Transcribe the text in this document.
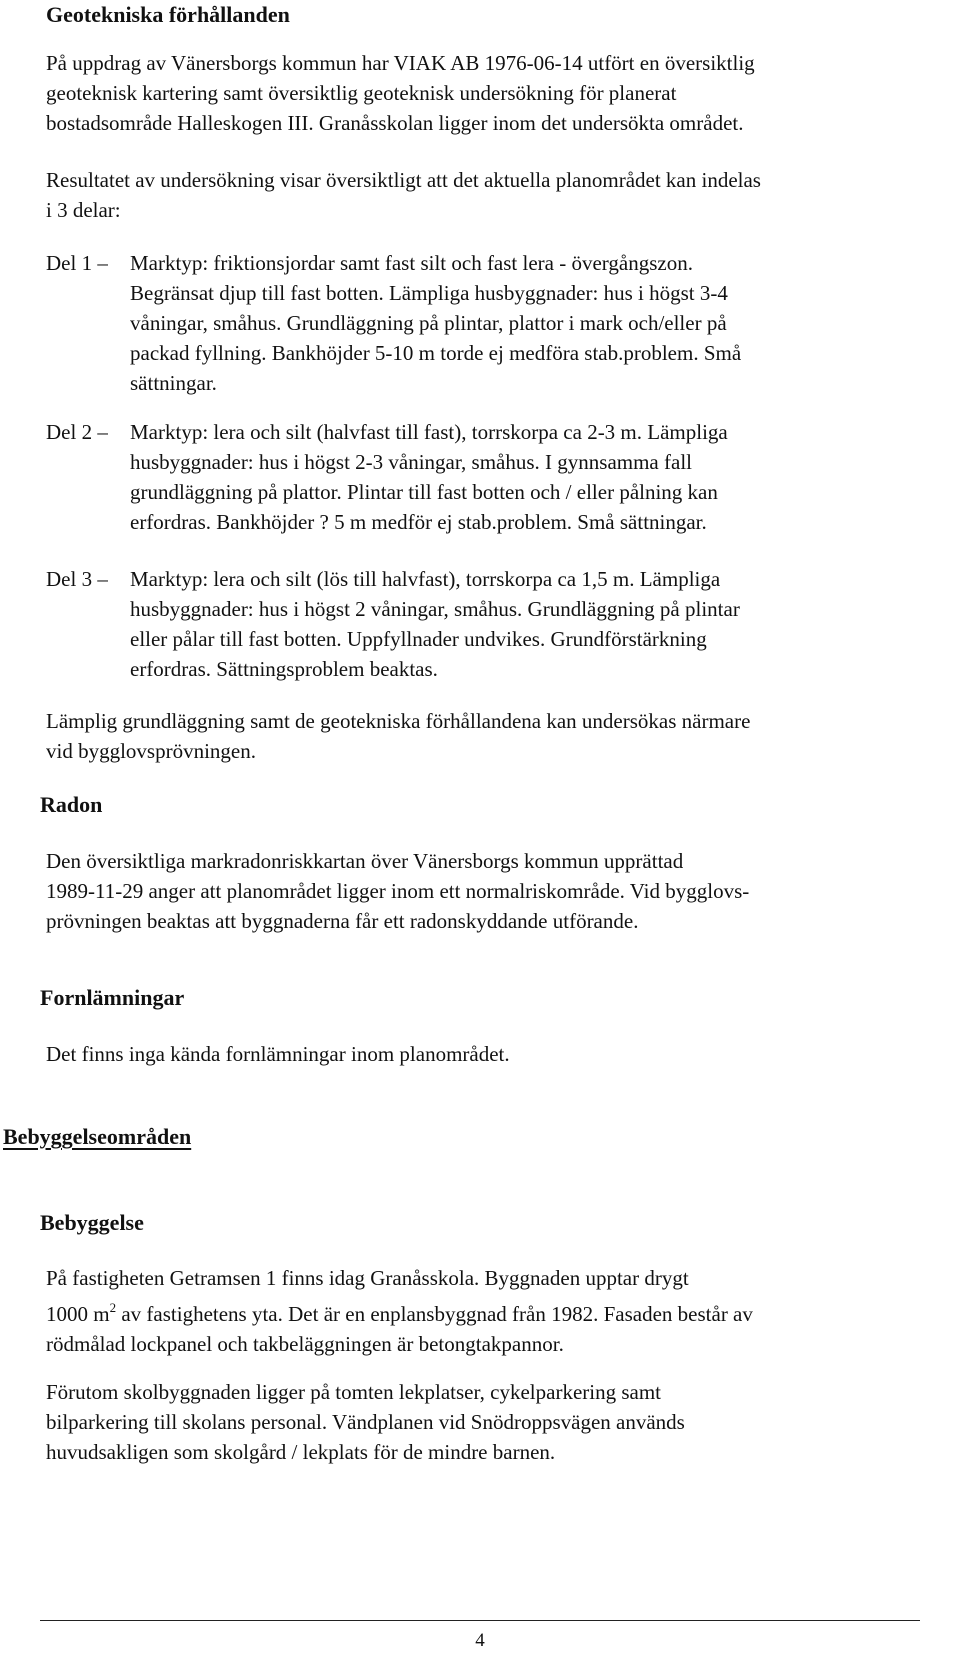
Geotekniska förhållanden
På uppdrag av Vänersborgs kommun har VIAK AB 1976-06-14 utfört en översiktlig
geoteknisk kartering samt översiktlig geoteknisk undersökning för planerat
bostadsområde Halleskogen III. Granåsskolan ligger inom det undersökta området.
Resultatet av undersökning visar översiktligt att det aktuella planområdet kan indelas
i 3 delar:
Del 1 – Marktyp: friktionsjordar samt fast silt och fast lera - övergångszon.
Begränsat djup till fast botten. Lämpliga husbyggnader: hus i högst 3-4
våningar, småhus. Grundläggning på plintar, plattor i mark och/eller på
packad fyllning. Bankhöjder 5-10 m torde ej medföra stab.problem. Små
sättningar.
Del 2 – Marktyp: lera och silt (halvfast till fast), torrskorpa ca 2-3 m. Lämpliga
husbyggnader: hus i högst 2-3 våningar, småhus. I gynnsamma fall
grundläggning på plattor. Plintar till fast botten och / eller pålning kan
erfordras. Bankhöjder ? 5 m medför ej stab.problem. Små sättningar.
Del 3 – Marktyp: lera och silt (lös till halvfast), torrskorpa ca 1,5 m. Lämpliga
husbyggnader: hus i högst 2 våningar, småhus. Grundläggning på plintar
eller pålar till fast botten. Uppfyllnader undvikes. Grundförstärkning
erfordras. Sättningsproblem beaktas.
Lämplig grundläggning samt de geotekniska förhållandena kan undersökas närmare
vid bygglovsprövningen.
Radon
Den översiktliga markradonriskkartan över Vänersborgs kommun upprättad
1989-11-29 anger att planområdet ligger inom ett normalriskområde. Vid bygglovs-
prövningen beaktas att byggnaderna får ett radonskyddande utförande.
Fornlämningar
Det finns inga kända fornlämningar inom planområdet.
Bebyggelseområden
Bebyggelse
På fastigheten Getramsen 1 finns idag Granåsskola. Byggnaden upptar drygt
1000 $m^2$ av fastighetens yta. Det är en enplansbyggnad från 1982. Fasaden består av
rödmålad lockpanel och takbeläggningen är betongtakpannor.
Förutom skolbyggnaden ligger på tomten lekplatser, cykelparkering samt
bilparkering till skolans personal. Vändplanen vid Snödroppsvägen används
huvudsakligen som skolgård / lekplats för de mindre barnen.
4
